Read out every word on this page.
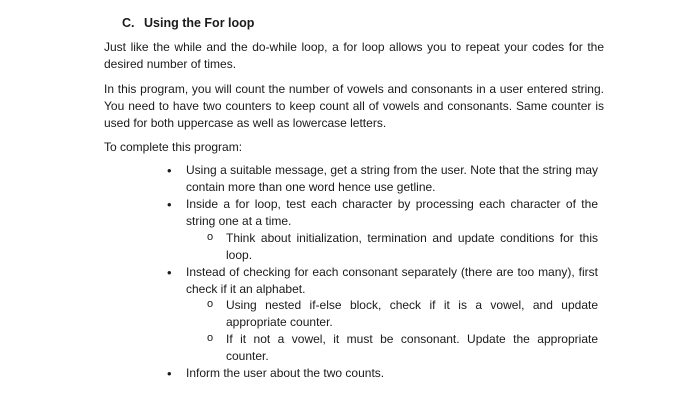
C. Using the For loop
Just like the while and the do-while loop, a for loop allows you to repeat your codes for the desired number of times.
In this program, you will count the number of vowels and consonants in a user entered string. You need to have two counters to keep count all of vowels and consonants. Same counter is used for both uppercase as well as lowercase letters.
To complete this program:
• Using a suitable message, get a string from the user. Note that the string may contain more than one word hence use getline.
• Inside a for loop, test each character by processing each character of the string one at a time.
o Think about initialization, termination and update conditions for this loop.
• Instead of checking for each consonant separately (there are too many), first check if it an alphabet.
o Using nested if-else block, check if it is a vowel, and update appropriate counter.
o If it not a vowel, it must be consonant. Update the appropriate counter.
• Inform the user about the two counts.
